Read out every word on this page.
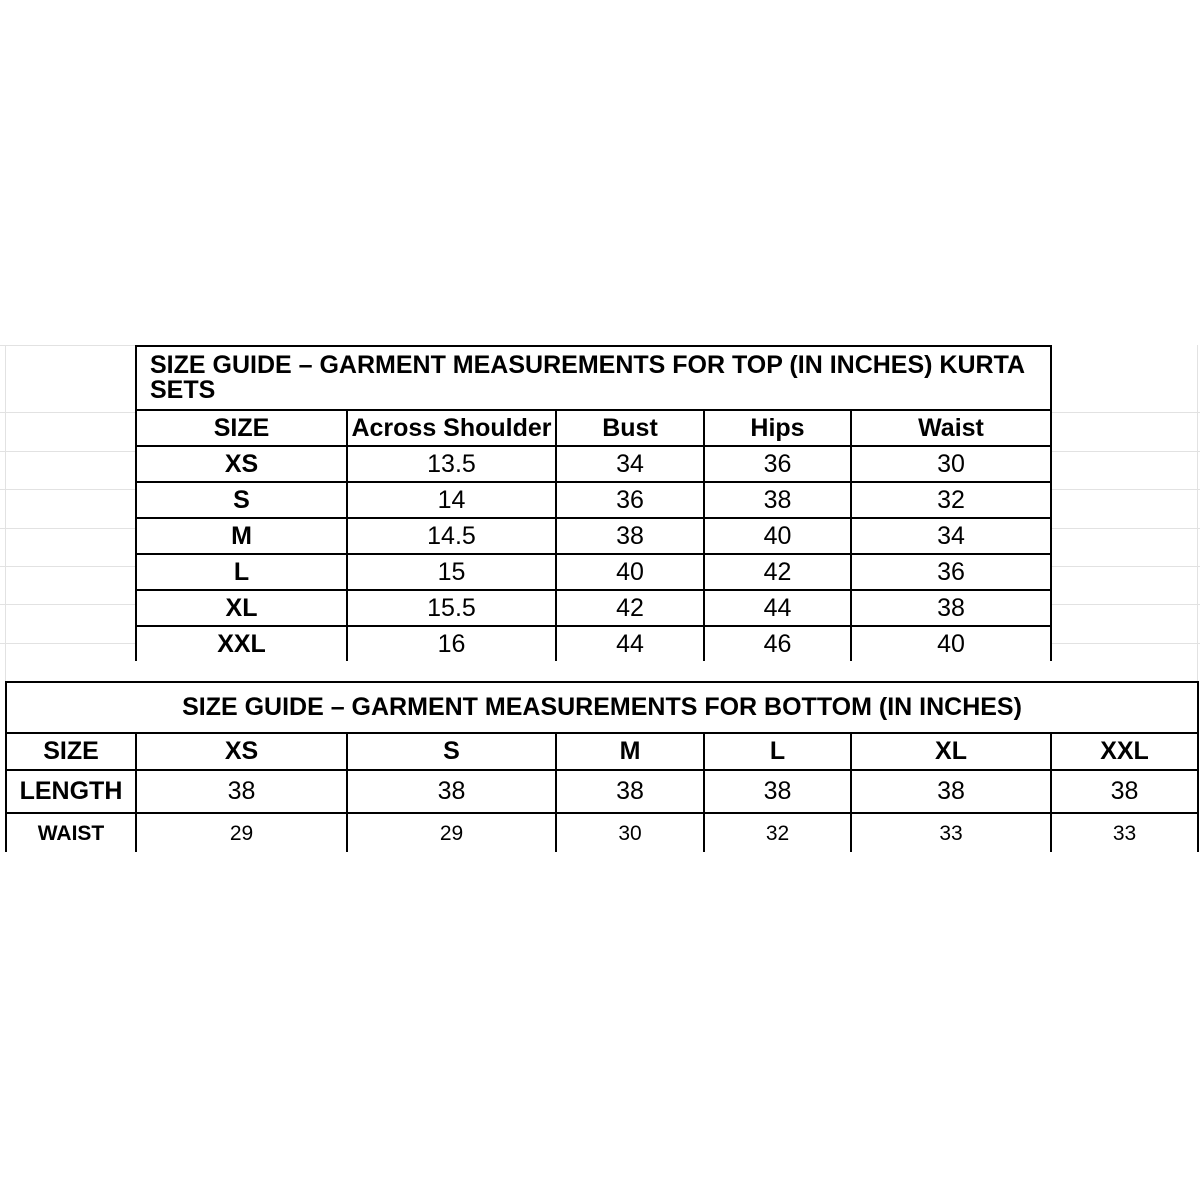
SIZE GUIDE – GARMENT MEASUREMENTS FOR TOP (IN INCHES) KURTA SETS				
SIZE	Across Shoulder	Bust	Hips	Waist
XS	13.5	34	36	30
S	14	36	38	32
M	14.5	38	40	34
L	15	40	42	36
XL	15.5	42	44	38
XXL	16	44	46	40
SIZE GUIDE – GARMENT MEASUREMENTS FOR BOTTOM (IN INCHES)						
SIZE	XS	S	M	L	XL	XXL
LENGTH	38	38	38	38	38	38
WAIST	29	29	30	32	33	33
